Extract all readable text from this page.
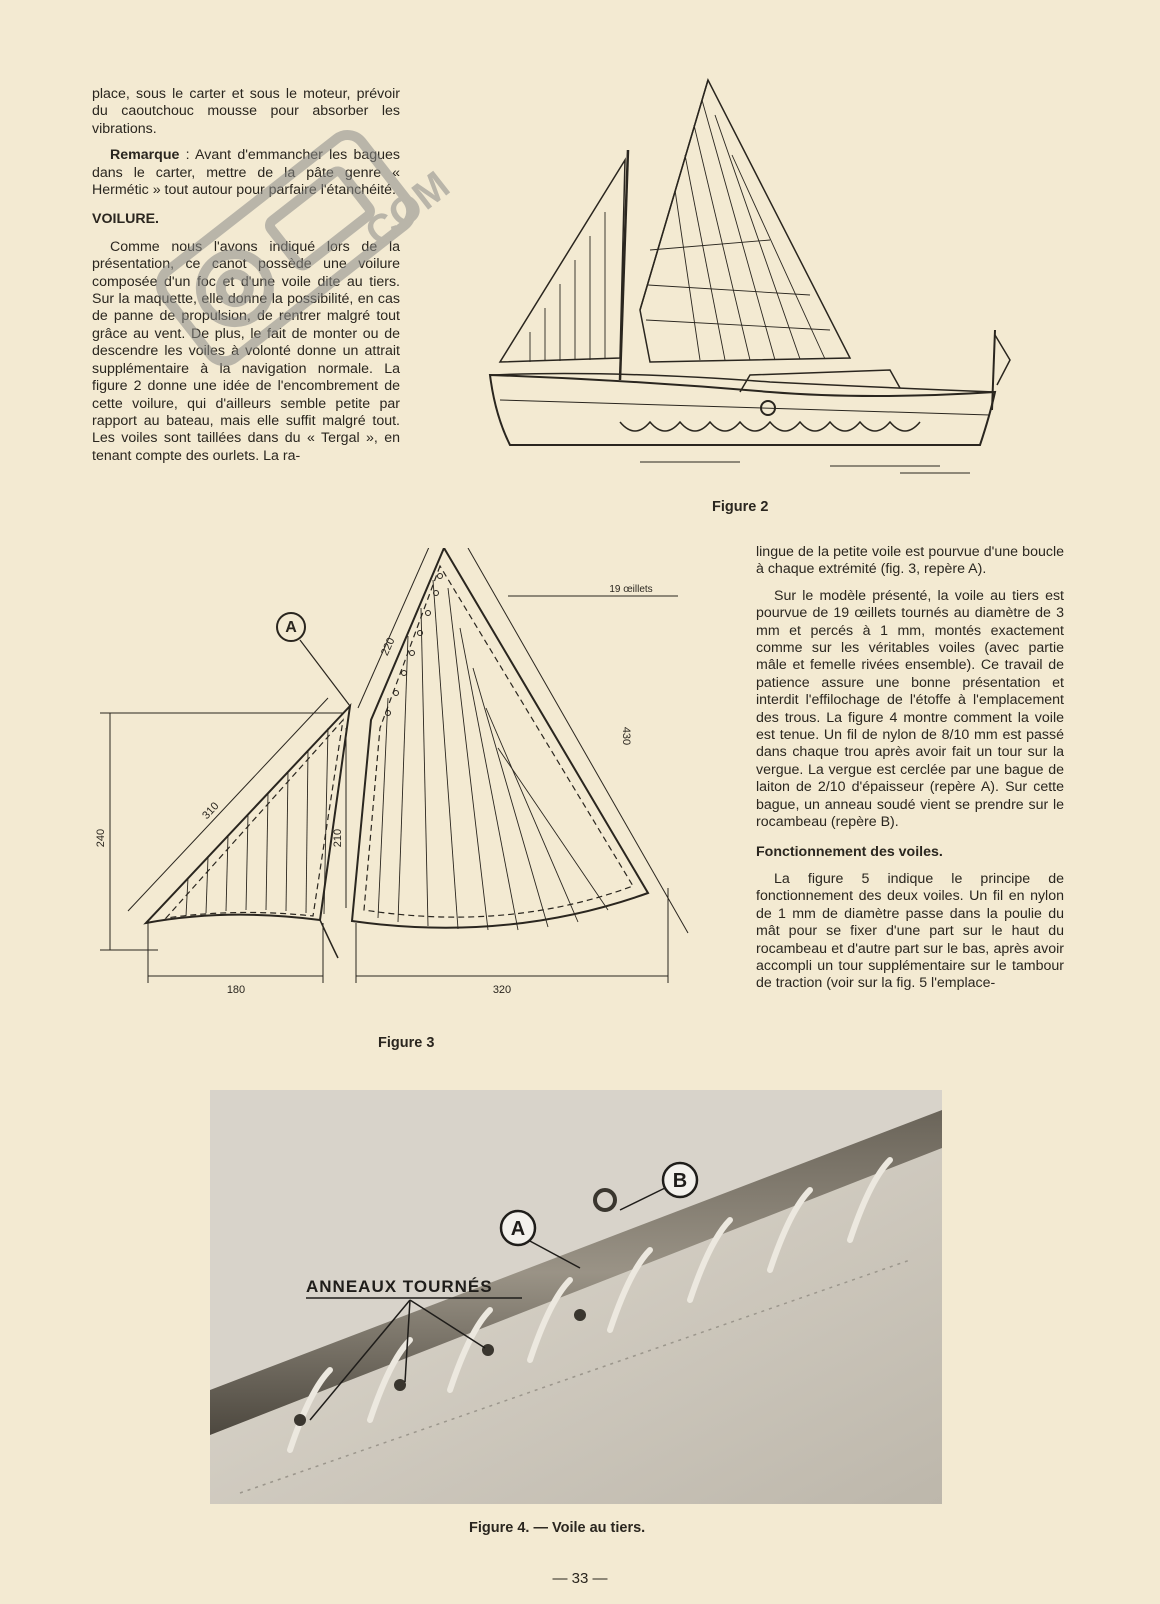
place, sous le carter et sous le moteur, prévoir du caoutchouc mousse pour absorber les vibrations.

Remarque : Avant d'emmancher les bagues dans le carter, mettre de la pâte genre « Hermétic » tout autour pour parfaire l'étanchéité.

VOILURE.

Comme nous l'avons indiqué lors de la présentation, ce canot possède une voilure composée d'un foc et d'une voile dite au tiers. Sur la maquette, elle donne la possibilité, en cas de panne de propulsion, de rentrer malgré tout grâce au vent. De plus, le fait de monter ou de descendre les voiles à volonté donne un attrait supplémentaire à la navigation normale. La figure 2 donne une idée de l'encombrement de cette voilure, qui d'ailleurs semble petite par rapport au bateau, mais elle suffit malgré tout. Les voiles sont taillées dans du « Tergal », en tenant compte des ourlets. La ra-

.COM
Figure 2
A
240
310
210
220
430
180	320
19 œillets
Figure 3

lingue de la petite voile est pourvue d'une boucle à chaque extrémité (fig. 3, repère A).

Sur le modèle présenté, la voile au tiers est pourvue de 19 œillets tournés au diamètre de 3 mm et percés à 1 mm, montés exactement comme sur les véritables voiles (avec partie mâle et femelle rivées ensemble). Ce travail de patience assure une bonne présentation et interdit l'effilochage de l'étoffe à l'emplacement des trous. La figure 4 montre comment la voile est tenue. Un fil de nylon de 8/10 mm est passé dans chaque trou après avoir fait un tour sur la vergue. La vergue est cerclée par une bague de laiton de 2/10 d'épaisseur (repère A). Sur cette bague, un anneau soudé vient se prendre sur le rocambeau (repère B).

Fonctionnement des voiles.

La figure 5 indique le principe de fonctionnement des deux voiles. Un fil en nylon de 1 mm de diamètre passe dans la poulie du mât pour se fixer d'une part sur le haut du rocambeau et d'autre part sur le bas, après avoir accompli un tour supplémentaire sur le tambour de traction (voir sur la fig. 5 l'emplace-

A
B
ANNEAUX TOURNÉS
Figure 4. — Voile au tiers.
— 33 —
